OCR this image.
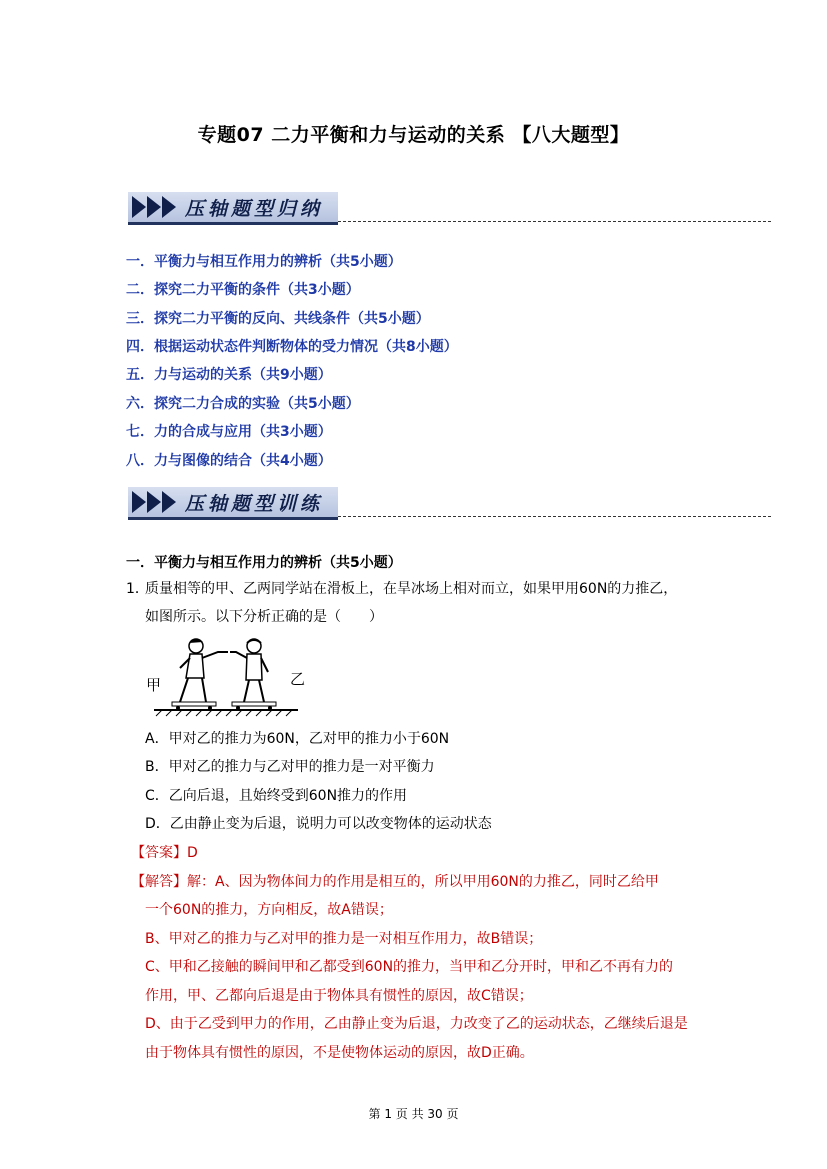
专题07 二力平衡和力与运动的关系 【八大题型】
压轴题型归纳
一．平衡力与相互作用力的辨析（共5小题）
二．探究二力平衡的条件（共3小题）
三．探究二力平衡的反向、共线条件（共5小题）
四．根据运动状态件判断物体的受力情况（共8小题）
五．力与运动的关系（共9小题）
六．探究二力合成的实验（共5小题）
七．力的合成与应用（共3小题）
八．力与图像的结合（共4小题）
压轴题型训练
一．平衡力与相互作用力的辨析（共5小题）
1．
质量相等的甲、乙两同学站在滑板上，在旱冰场上相对而立，如果甲用60N的力推乙，
如图所示。以下分析正确的是（　　）
甲	乙
A．甲对乙的推力为60N，乙对甲的推力小于60N
B．甲对乙的推力与乙对甲的推力是一对平衡力
C．乙向后退，且始终受到60N推力的作用
D．乙由静止变为后退，说明力可以改变物体的运动状态
【答案】D
【解答】解：A、因为物体间力的作用是相互的，所以甲用60N的力推乙，同时乙给甲
一个60N的推力，方向相反，故A错误；
B、甲对乙的推力与乙对甲的推力是一对相互作用力，故B错误；
C、甲和乙接触的瞬间甲和乙都受到60N的推力，当甲和乙分开时，甲和乙不再有力的
作用，甲、乙都向后退是由于物体具有惯性的原因，故C错误；
D、由于乙受到甲力的作用，乙由静止变为后退，力改变了乙的运动状态，乙继续后退是
由于物体具有惯性的原因，不是使物体运动的原因，故D正确。
第 1 页 共 30 页
